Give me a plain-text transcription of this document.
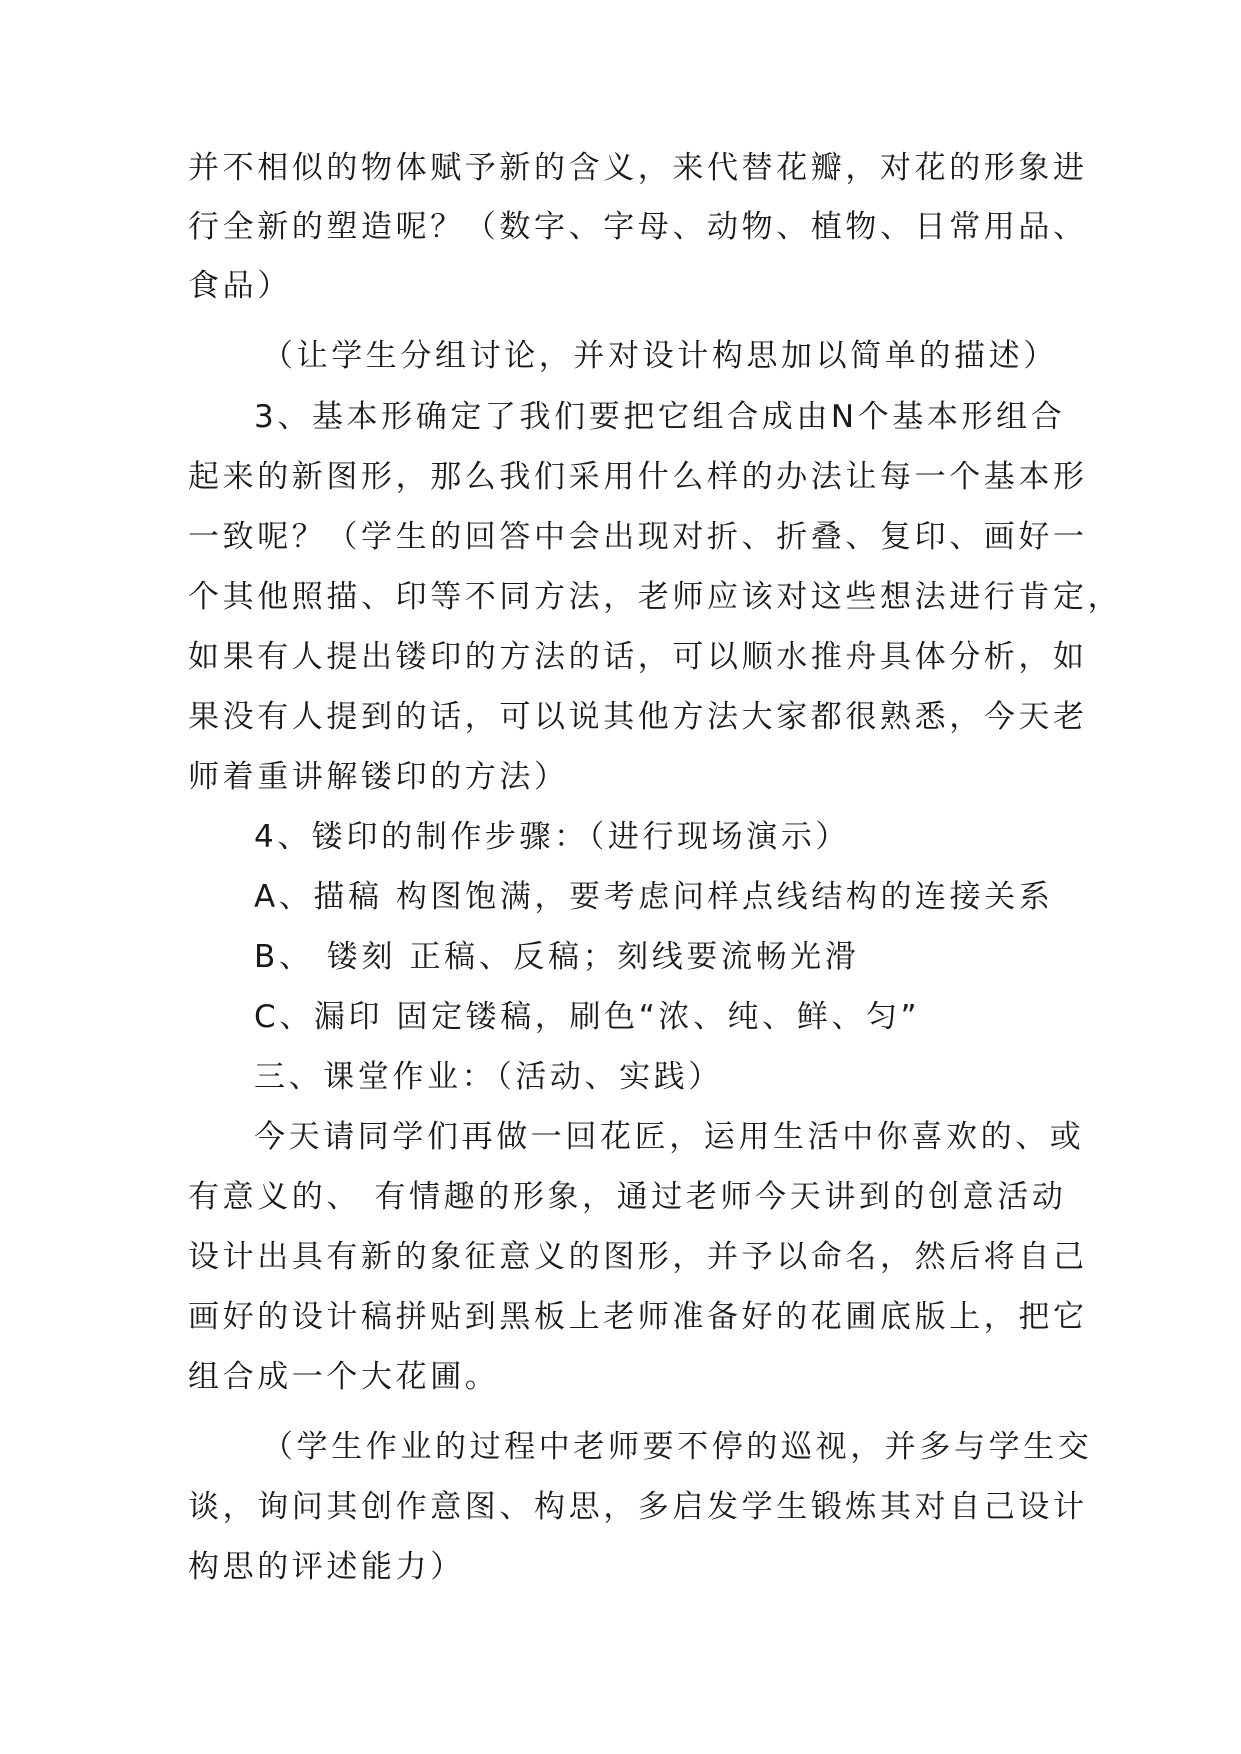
并不相似的物体赋予新的含义，来代替花瓣，对花的形象进
行全新的塑造呢？（数字、字母、动物、植物、日常用品、
食品）
（让学生分组讨论，并对设计构思加以简单的描述）
3、基本形确定了我们要把它组合成由N个基本形组合
起来的新图形，那么我们采用什么样的办法让每一个基本形
一致呢？（学生的回答中会出现对折、折叠、复印、画好一
个其他照描、印等不同方法，老师应该对这些想法进行肯定，
如果有人提出镂印的方法的话，可以顺水推舟具体分析，如
果没有人提到的话，可以说其他方法大家都很熟悉，今天老
师着重讲解镂印的方法）
4、镂印的制作步骤：（进行现场演示）
A、描稿 构图饱满，要考虑问样点线结构的连接关系
B、 镂刻 正稿、反稿；刻线要流畅光滑
C、漏印 固定镂稿，刷色“浓、纯、鲜、匀”
三、课堂作业：（活动、实践）
今天请同学们再做一回花匠，运用生活中你喜欢的、或
有意义的、 有情趣的形象，通过老师今天讲到的创意活动
设计出具有新的象征意义的图形，并予以命名，然后将自己
画好的设计稿拼贴到黑板上老师准备好的花圃底版上，把它
组合成一个大花圃。
（学生作业的过程中老师要不停的巡视，并多与学生交
谈，询问其创作意图、构思，多启发学生锻炼其对自己设计
构思的评述能力）
